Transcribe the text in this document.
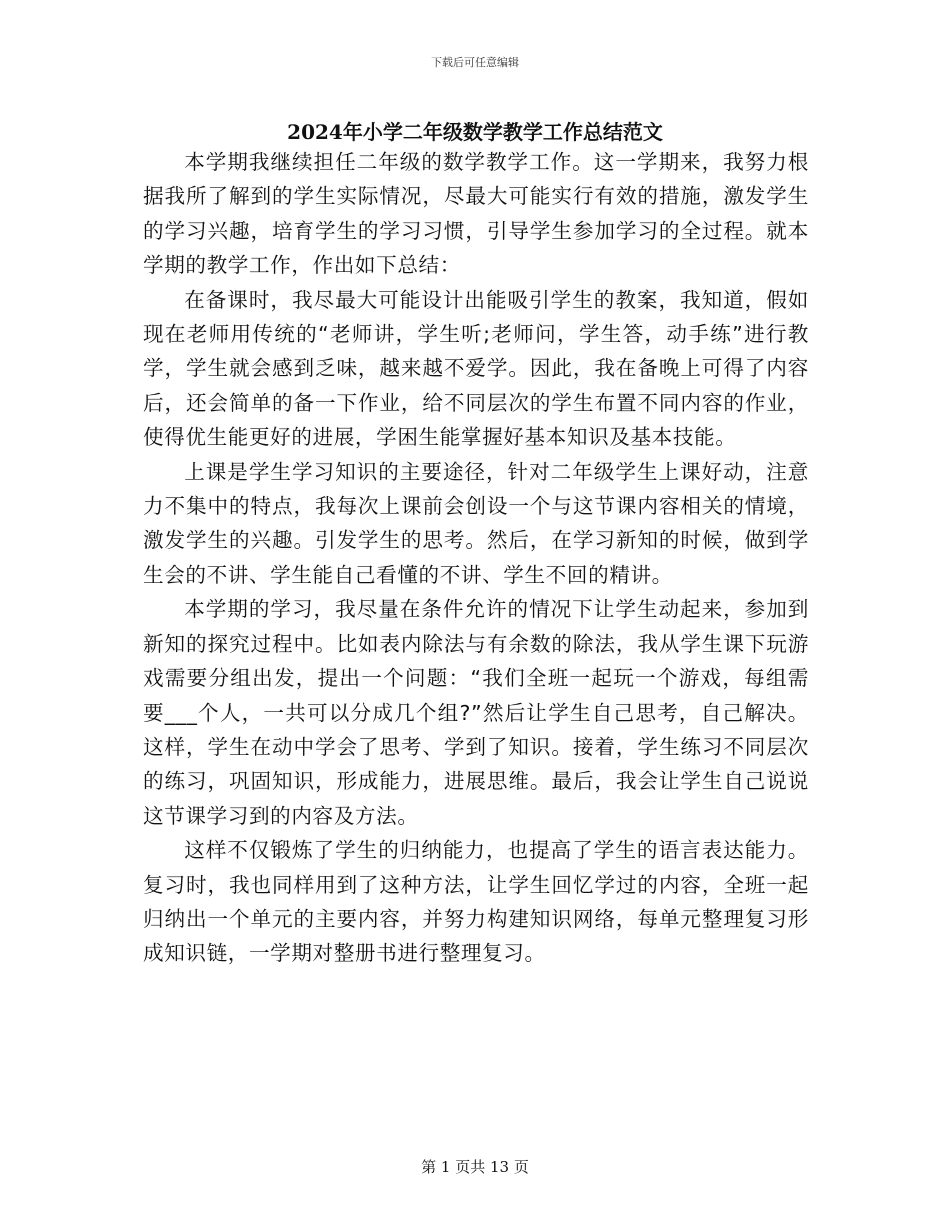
下载后可任意编辑
2024年小学二年级数学教学工作总结范文

本学期我继续担任二年级的数学教学工作。这一学期来，我努力根据我所了解到的学生实际情况，尽最大可能实行有效的措施，激发学生的学习兴趣，培育学生的学习习惯，引导学生参加学习的全过程。就本学期的教学工作，作出如下总结：

在备课时，我尽最大可能设计出能吸引学生的教案，我知道，假如现在老师用传统的“老师讲，学生听;老师问，学生答，动手练”进行教学，学生就会感到乏味，越来越不爱学。因此，我在备晚上可得了内容后，还会简单的备一下作业，给不同层次的学生布置不同内容的作业，使得优生能更好的进展，学困生能掌握好基本知识及基本技能。

上课是学生学习知识的主要途径，针对二年级学生上课好动，注意力不集中的特点，我每次上课前会创设一个与这节课内容相关的情境，激发学生的兴趣。引发学生的思考。然后，在学习新知的时候，做到学生会的不讲、学生能自己看懂的不讲、学生不回的精讲。

本学期的学习，我尽量在条件允许的情况下让学生动起来，参加到新知的探究过程中。比如表内除法与有余数的除法，我从学生课下玩游戏需要分组出发，提出一个问题：“我们全班一起玩一个游戏，每组需要___个人，一共可以分成几个组?”然后让学生自己思考，自己解决。这样，学生在动中学会了思考、学到了知识。接着，学生练习不同层次的练习，巩固知识，形成能力，进展思维。最后，我会让学生自己说说这节课学习到的内容及方法。

这样不仅锻炼了学生的归纳能力，也提高了学生的语言表达能力。复习时，我也同样用到了这种方法，让学生回忆学过的内容，全班一起归纳出一个单元的主要内容，并努力构建知识网络，每单元整理复习形成知识链，一学期对整册书进行整理复习。

第 1 页共 13 页
